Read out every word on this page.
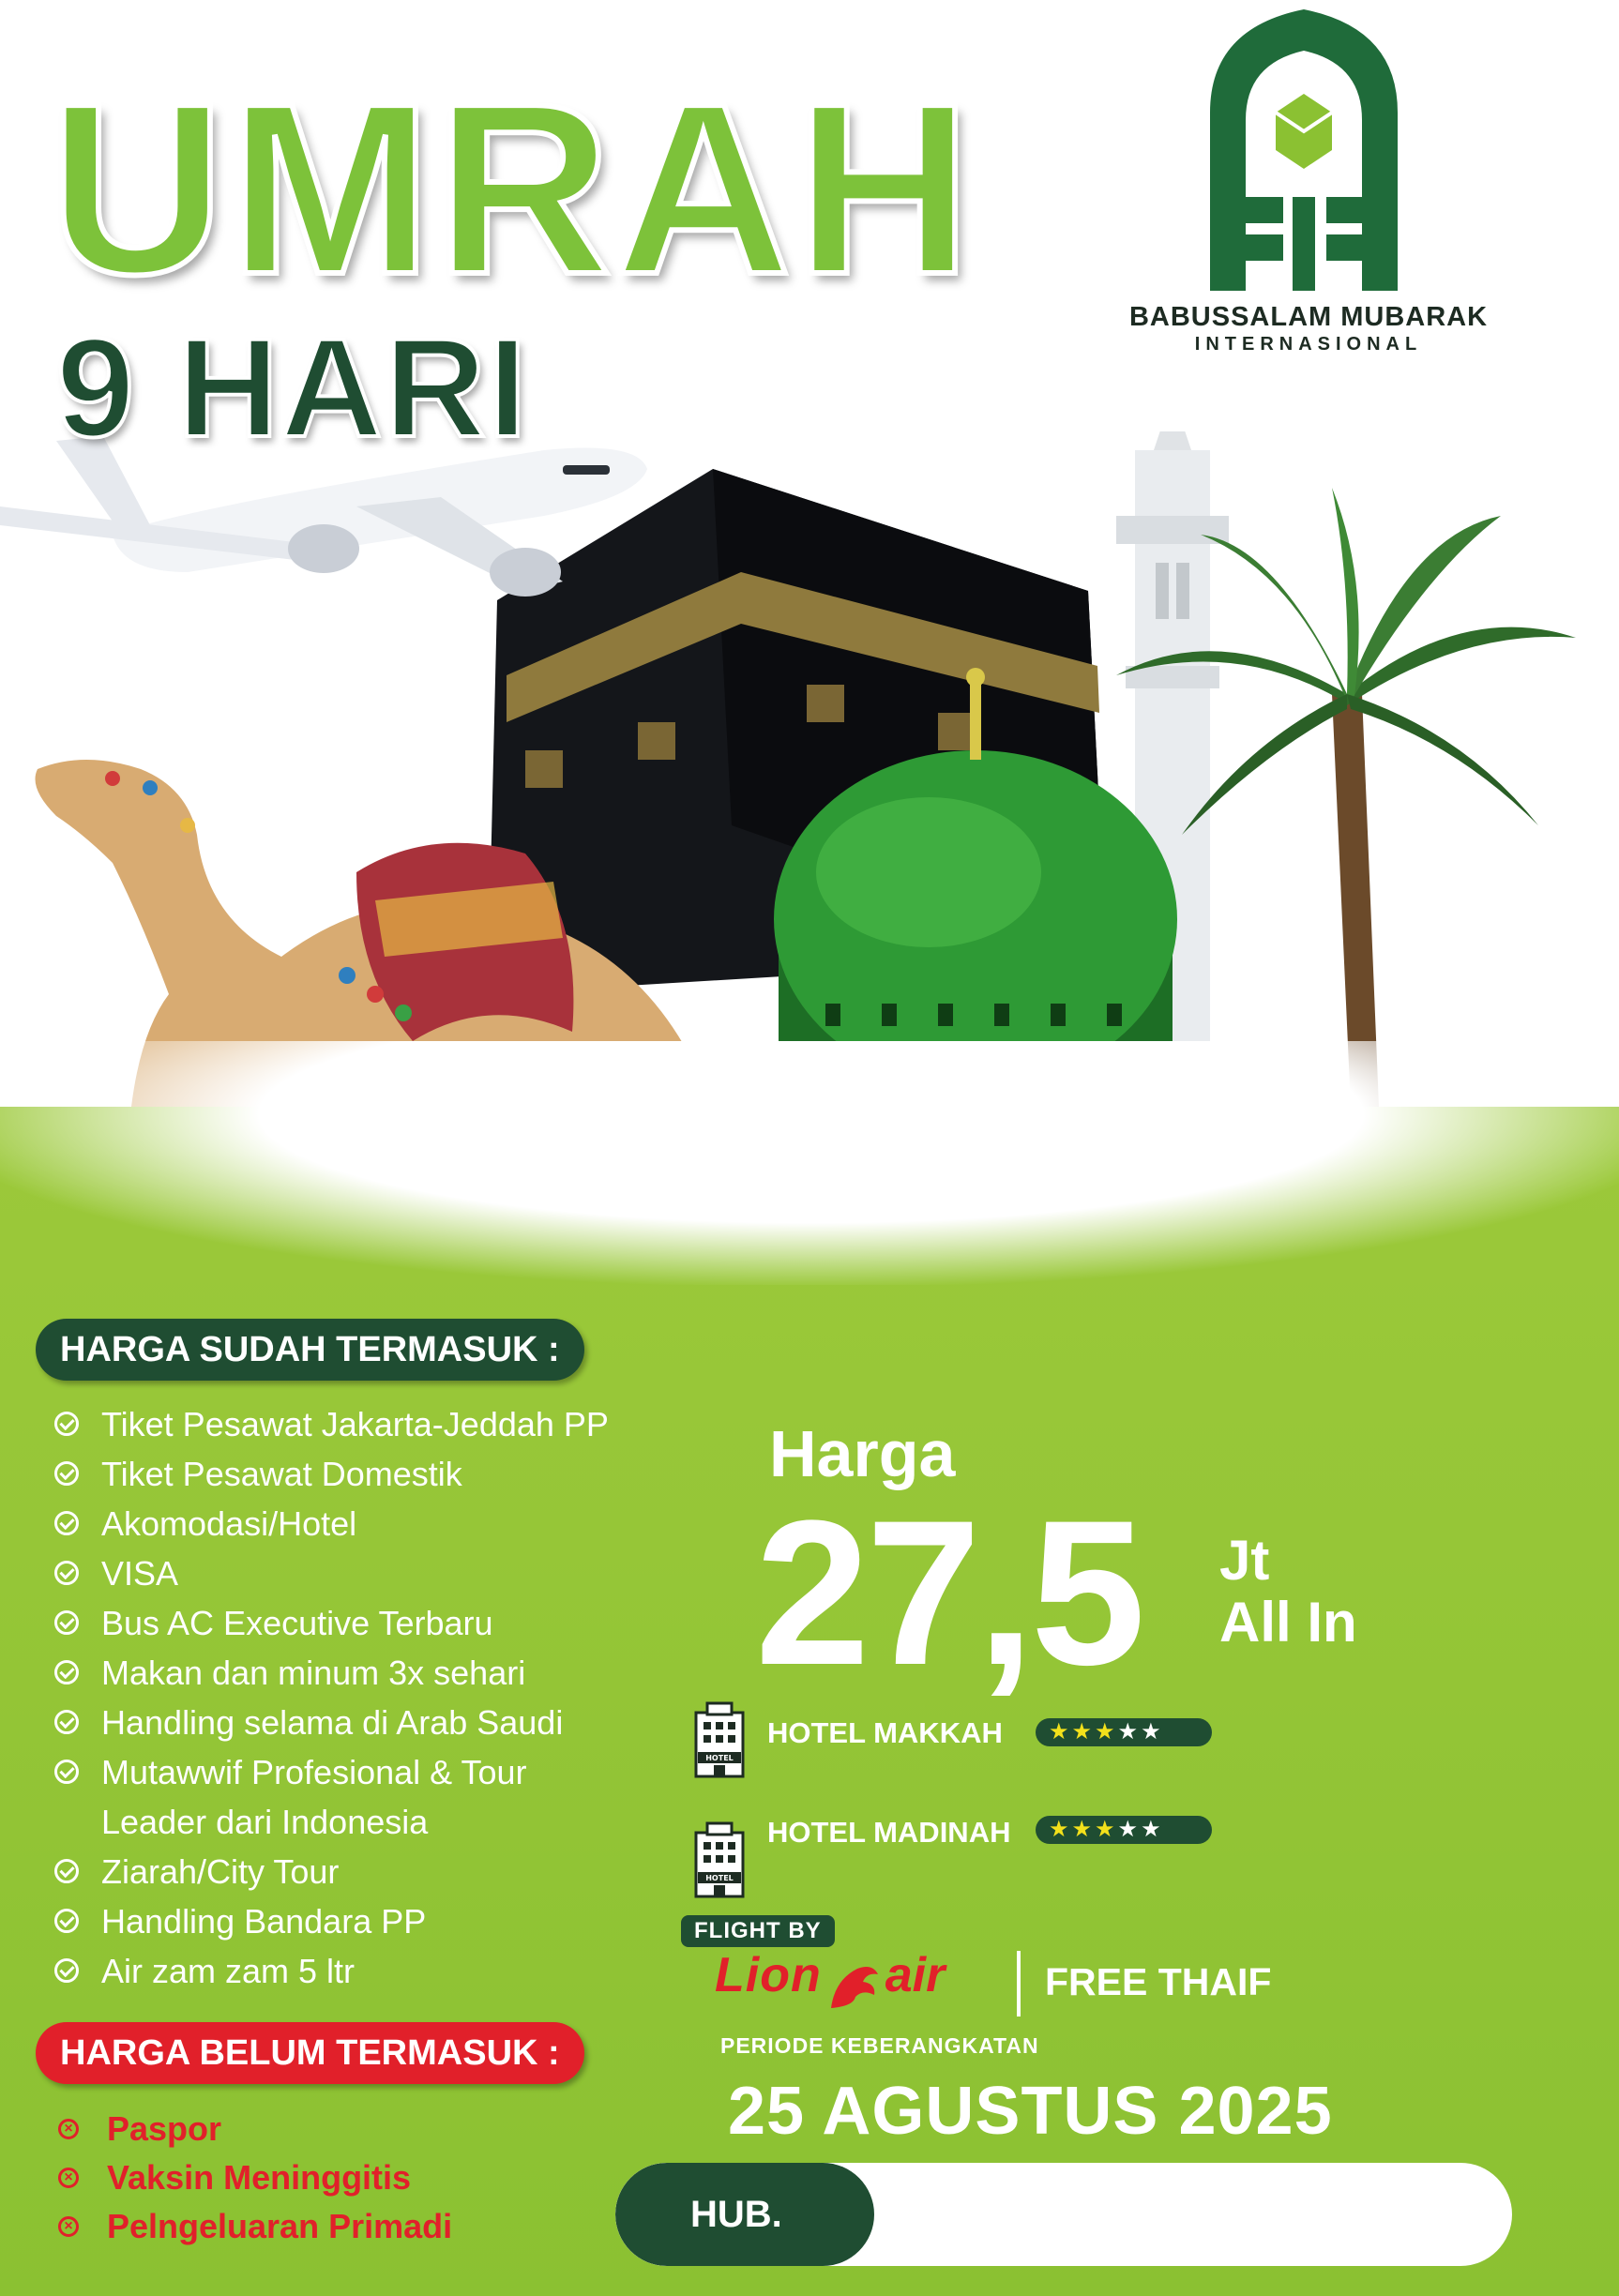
UMRAH
9 HARI	BABUSSALAM MUBARAK
INTERNASIONAL
HARGA SUDAH TERMASUK :
Tiket Pesawat Jakarta-Jeddah PP
Tiket Pesawat Domestik
Akomodasi/Hotel
VISA
Bus AC Executive Terbaru
Makan dan minum 3x sehari
Handling selama di Arab Saudi
Mutawwif Profesional & Tour
Leader dari Indonesia
Ziarah/City Tour
Handling Bandara PP
Air zam zam 5 ltr
HARGA BELUM TERMASUK :
× Paspor
× Vaksin Meninggitis
× Pelngeluaran Primadi
Harga
27,5 Jt
All In
HOTEL
HOTEL
HOTEL MAKKAH	★★★★★
HOTEL MADINAH	★★★★★
FLIGHT BY
Lion air	FREE THAIF
PERIODE KEBERANGKATAN
25 AGUSTUS 2025
HUB.
